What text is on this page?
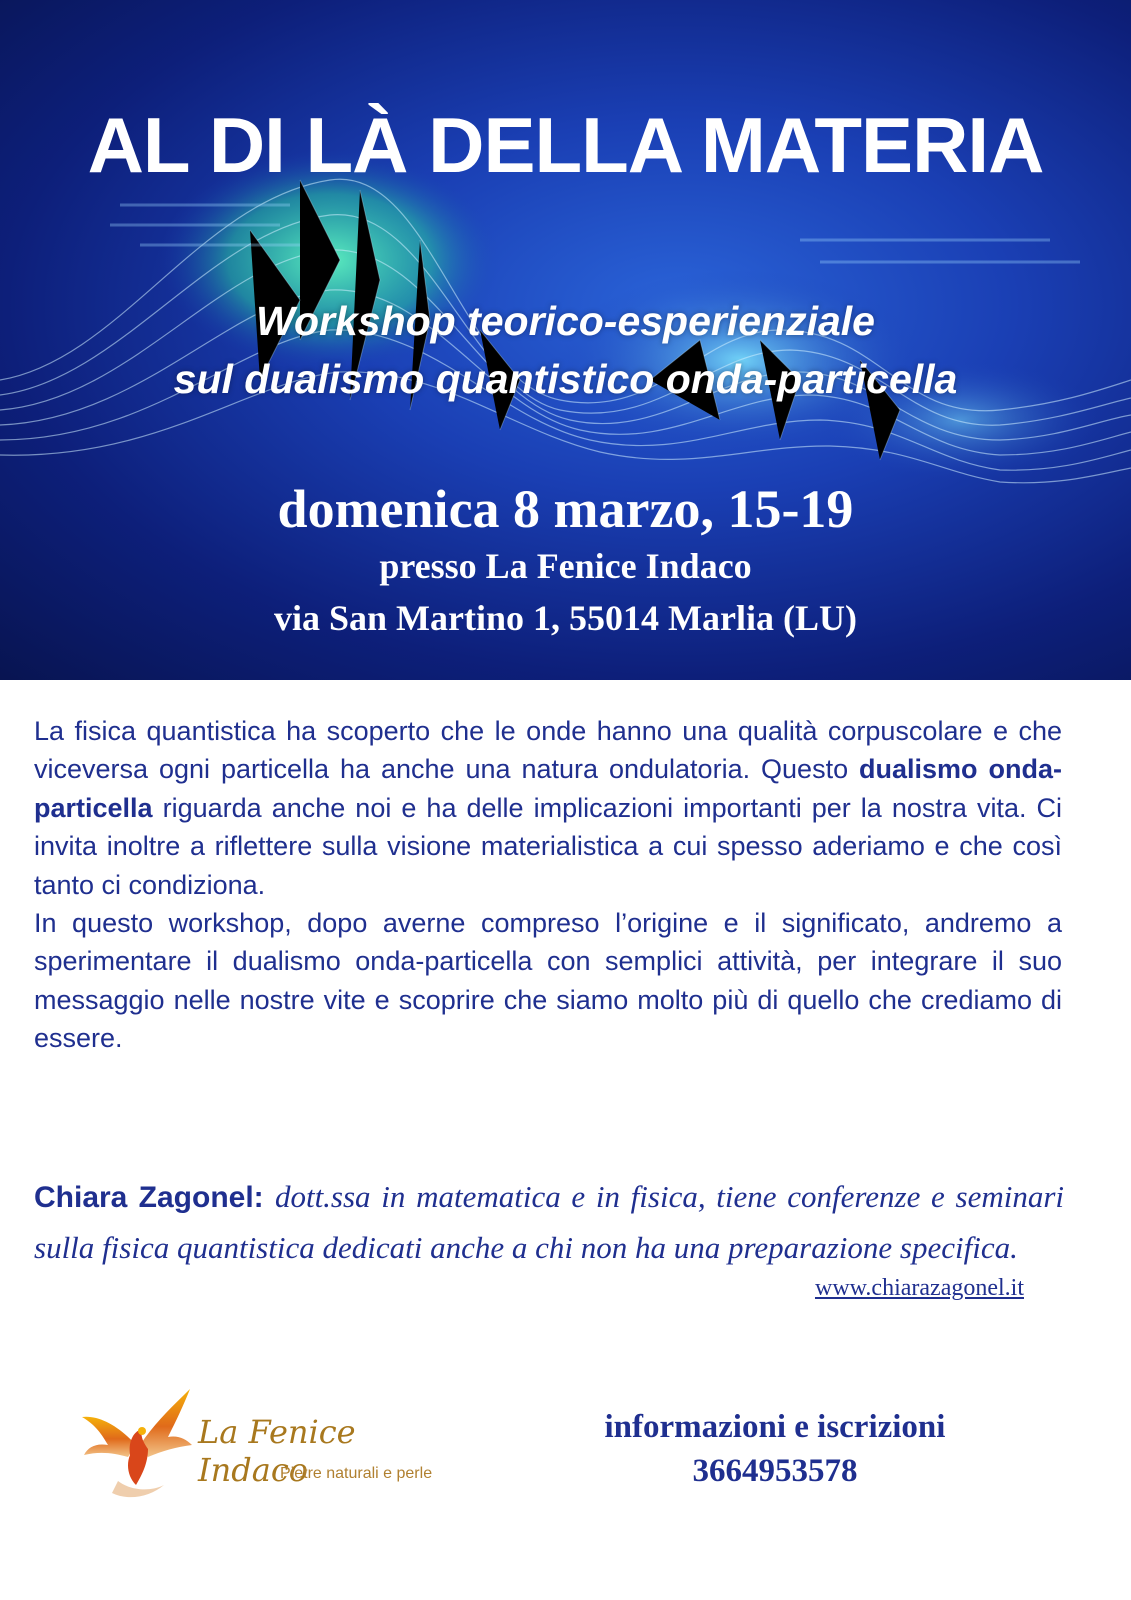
AL DI LÀ DELLA MATERIA
Workshop teorico-esperienziale
sul dualismo quantistico onda-particella
domenica 8 marzo, 15-19
presso La Fenice Indaco
via San Martino 1, 55014 Marlia (LU)

La fisica quantistica ha scoperto che le onde hanno una qualità corpuscolare e che viceversa ogni particella ha anche una natura ondulatoria. Questo dualismo onda-particella riguarda anche noi e ha delle implicazioni importanti per la nostra vita. Ci invita inoltre a riflettere sulla visione materialistica a cui spesso aderiamo e che così tanto ci condiziona.

In questo workshop, dopo averne compreso l’origine e il significato, andremo a sperimentare il dualismo onda-particella con semplici attività, per integrare il suo messaggio nelle nostre vite e scoprire che siamo molto più di quello che crediamo di essere.

Chiara Zagonel: dott.ssa in matematica e in fisica, tiene conferenze e seminari sulla fisica quantistica dedicati anche a chi non ha una preparazione specifica.
www.chiarazagonel.it
La Fenice Indaco
Pietre naturali e perle
informazioni e iscrizioni
3664953578
